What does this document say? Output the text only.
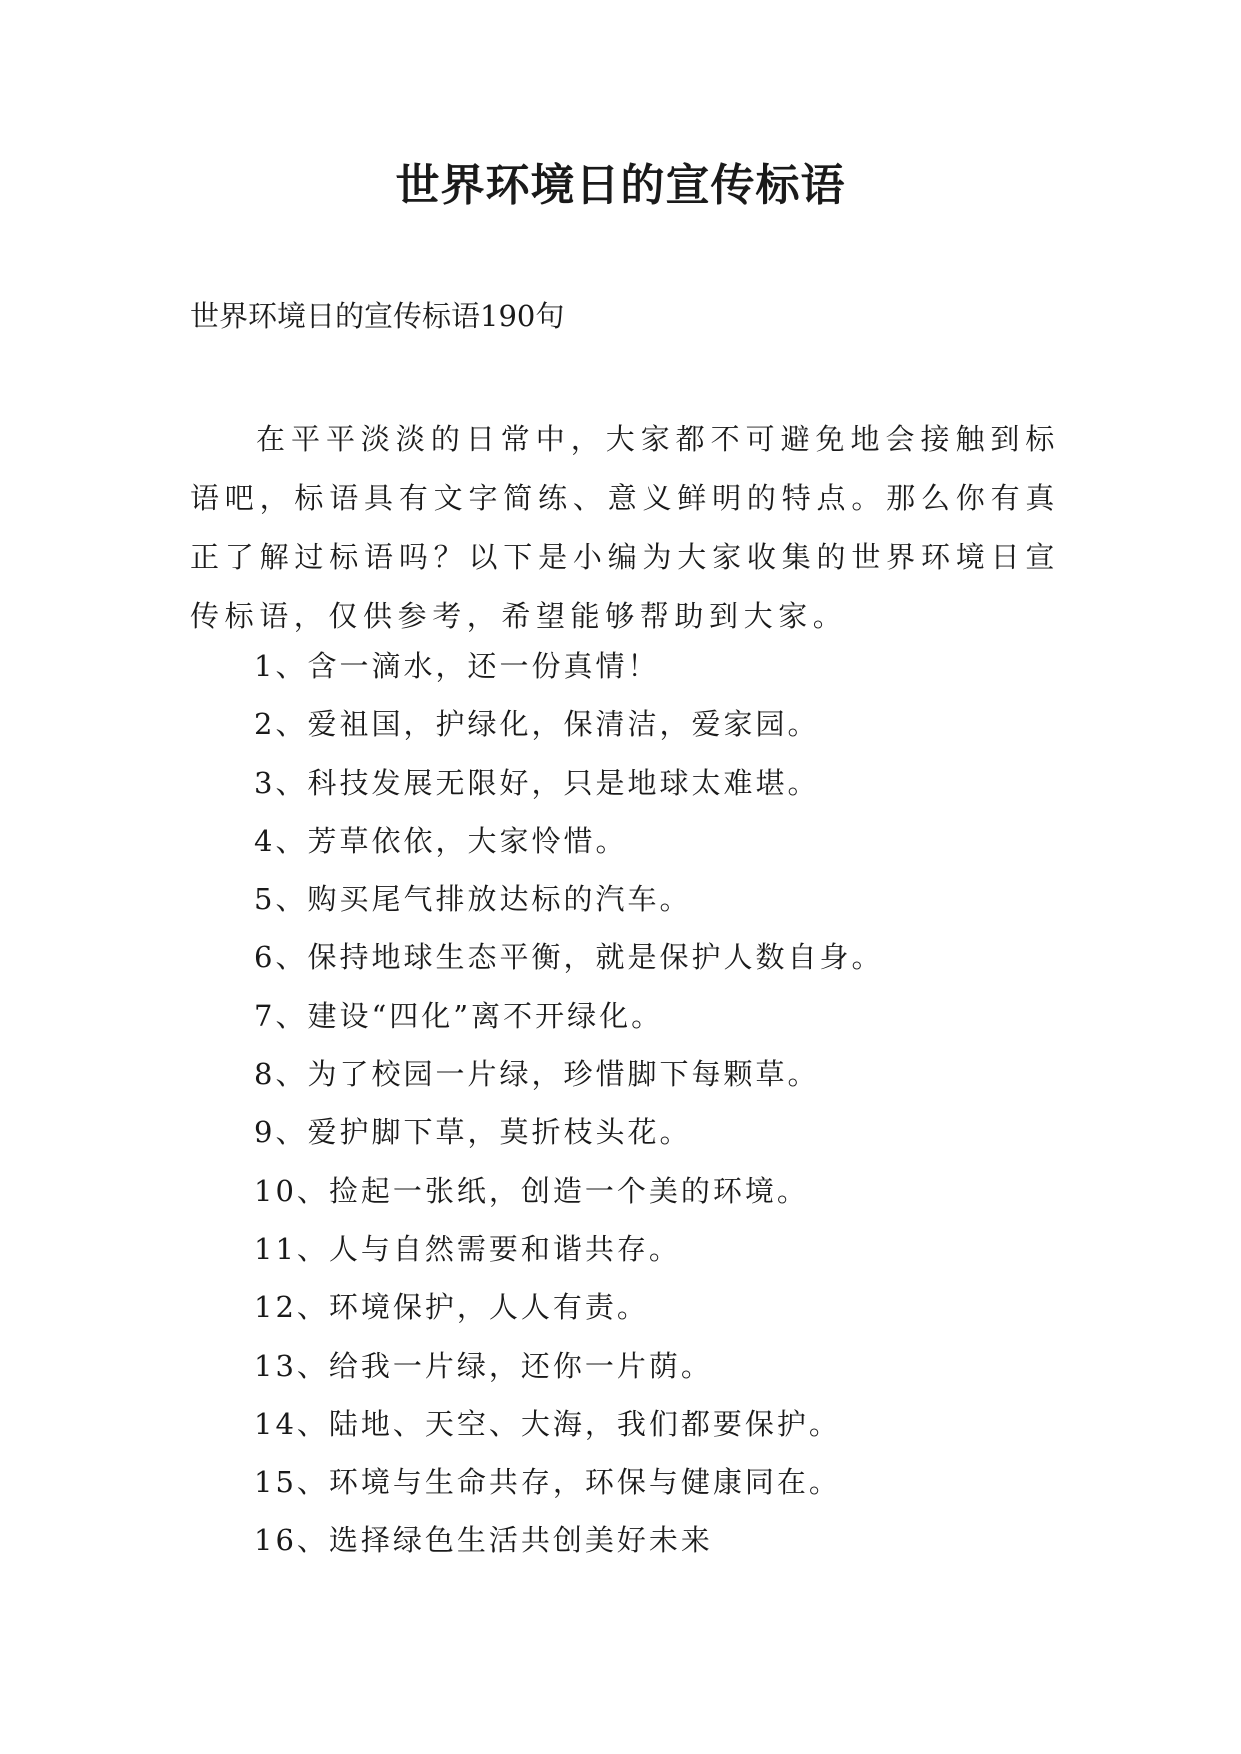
世界环境日的宣传标语

世界环境日的宣传标语190句

在平平淡淡的日常中，大家都不可避免地会接触到标语吧，标语具有文字简练、意义鲜明的特点。那么你有真正了解过标语吗？以下是小编为大家收集的世界环境日宣传标语，仅供参考，希望能够帮助到大家。

1、含一滴水，还一份真情！
2、爱祖国，护绿化，保清洁，爱家园。
3、科技发展无限好，只是地球太难堪。
4、芳草依依，大家怜惜。
5、购买尾气排放达标的汽车。
6、保持地球生态平衡，就是保护人数自身。
7、建设“四化”离不开绿化。
8、为了校园一片绿，珍惜脚下每颗草。
9、爱护脚下草，莫折枝头花。
10、捡起一张纸，创造一个美的环境。
11、人与自然需要和谐共存。
12、环境保护，人人有责。
13、给我一片绿，还你一片荫。
14、陆地、天空、大海，我们都要保护。
15、环境与生命共存，环保与健康同在。
16、选择绿色生活共创美好未来
